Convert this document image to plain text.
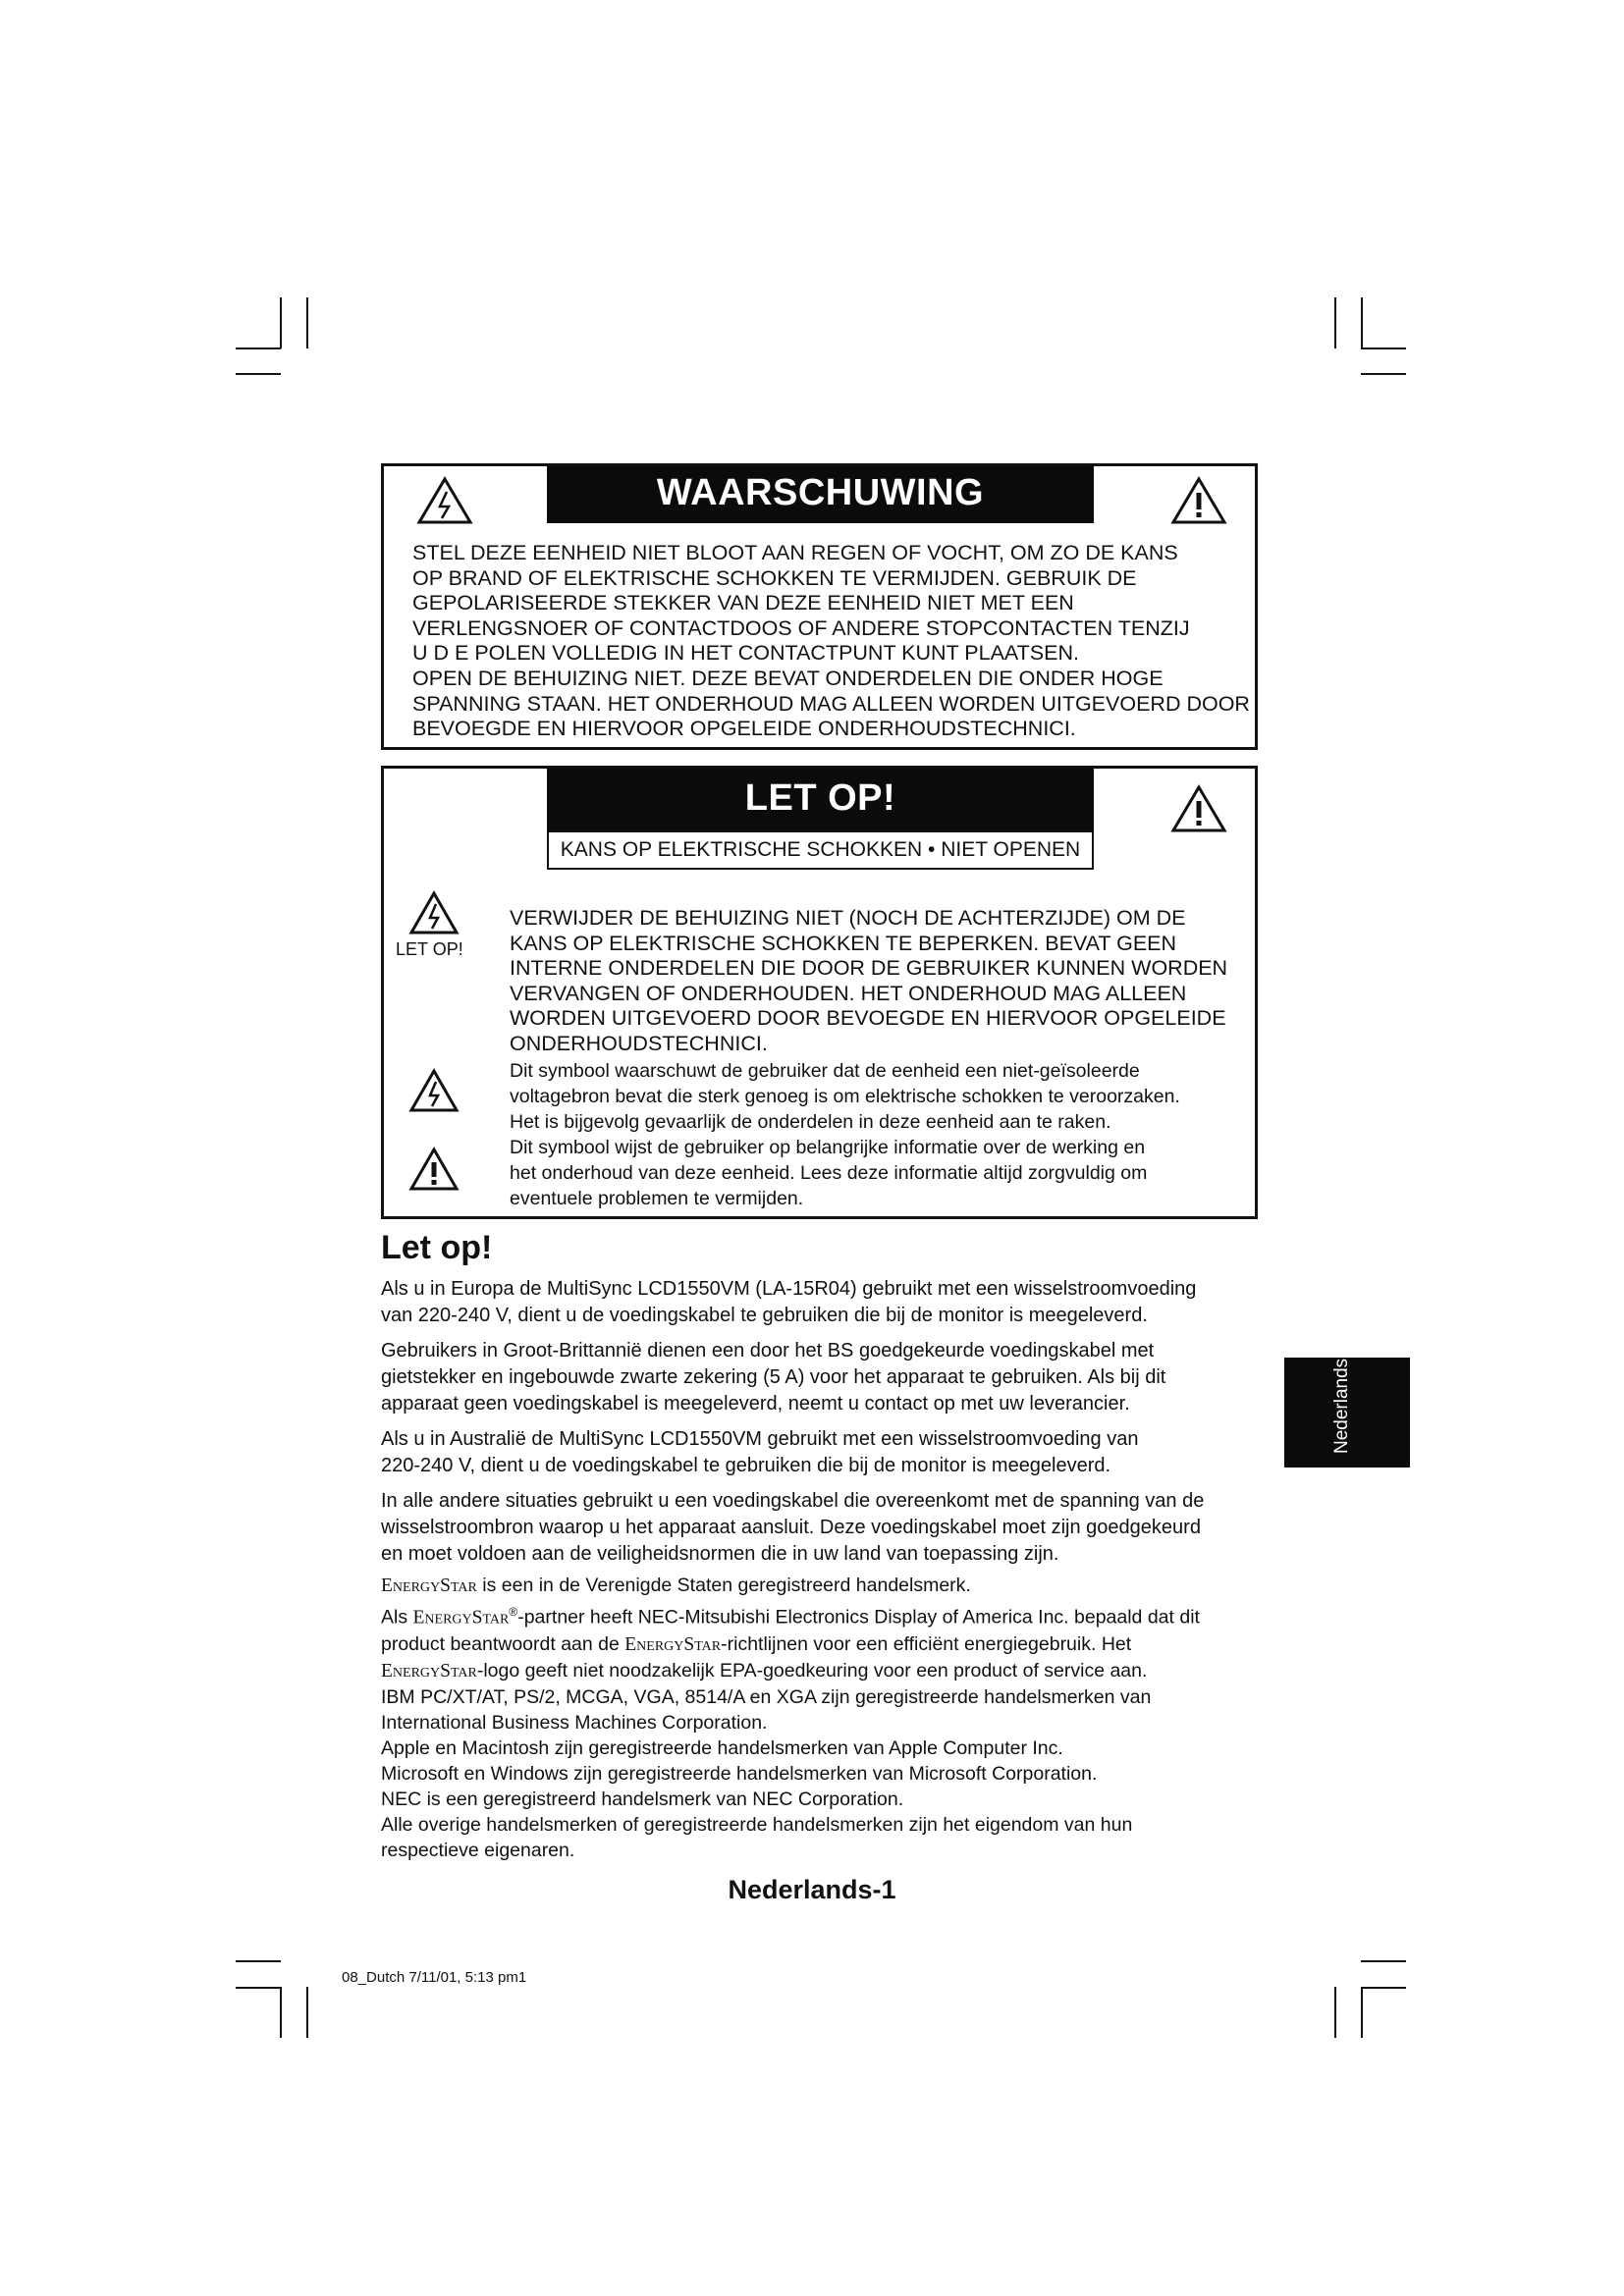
WAARSCHUWING

STEL DEZE EENHEID NIET BLOOT AAN REGEN OF VOCHT, OM ZO DE KANS

OP BRAND OF ELEKTRISCHE SCHOKKEN TE VERMIJDEN. GEBRUIK DE

GEPOLARISEERDE STEKKER VAN DEZE EENHEID NIET MET EEN

VERLENGSNOER OF CONTACTDOOS OF ANDERE STOPCONTACTEN TENZIJ

U D E POLEN VOLLEDIG IN HET CONTACTPUNT KUNT PLAATSEN.

OPEN DE BEHUIZING NIET. DEZE BEVAT ONDERDELEN DIE ONDER HOGE

SPANNING STAAN. HET ONDERHOUD MAG ALLEEN WORDEN UITGEVOERD DOOR

BEVOEGDE EN HIERVOOR OPGELEIDE ONDERHOUDSTECHNICI.

LET OP!
KANS OP ELEKTRISCHE SCHOKKEN • NIET OPENEN
LET OP!

VERWIJDER DE BEHUIZING NIET (NOCH DE ACHTERZIJDE) OM DE

KANS OP ELEKTRISCHE SCHOKKEN TE BEPERKEN. BEVAT GEEN

INTERNE ONDERDELEN DIE DOOR DE GEBRUIKER KUNNEN WORDEN

VERVANGEN OF ONDERHOUDEN. HET ONDERHOUD MAG ALLEEN

WORDEN UITGEVOERD DOOR BEVOEGDE EN HIERVOOR OPGELEIDE

ONDERHOUDSTECHNICI.

Dit symbool waarschuwt de gebruiker dat de eenheid een niet-geïsoleerde

voltagebron bevat die sterk genoeg is om elektrische schokken te veroorzaken.

Het is bijgevolg gevaarlijk de onderdelen in deze eenheid aan te raken.

Dit symbool wijst de gebruiker op belangrijke informatie over de werking en

het onderhoud van deze eenheid. Lees deze informatie altijd zorgvuldig om

eventuele problemen te vermijden.

Let op!

Als u in Europa de MultiSync LCD1550VM (LA-15R04) gebruikt met een wisselstroomvoeding

van 220-240 V, dient u de voedingskabel te gebruiken die bij de monitor is meegeleverd.

Gebruikers in Groot-Brittannië dienen een door het BS goedgekeurde voedingskabel met

gietstekker en ingebouwde zwarte zekering (5 A) voor het apparaat te gebruiken. Als bij dit

apparaat geen voedingskabel is meegeleverd, neemt u contact op met uw leverancier.

Als u in Australië de MultiSync LCD1550VM gebruikt met een wisselstroomvoeding van

220-240 V, dient u de voedingskabel te gebruiken die bij de monitor is meegeleverd.

In alle andere situaties gebruikt u een voedingskabel die overeenkomt met de spanning van de

wisselstroombron waarop u het apparaat aansluit. Deze voedingskabel moet zijn goedgekeurd

en moet voldoen aan de veiligheidsnormen die in uw land van toepassing zijn.

EnergyStar is een in de Verenigde Staten geregistreerd handelsmerk.

Als EnergyStar®-partner heeft NEC-Mitsubishi Electronics Display of America Inc. bepaald dat dit

product beantwoordt aan de EnergyStar-richtlijnen voor een efficiënt energiegebruik. Het

EnergyStar-logo geeft niet noodzakelijk EPA-goedkeuring voor een product of service aan.

IBM PC/XT/AT, PS/2, MCGA, VGA, 8514/A en XGA zijn geregistreerde handelsmerken van

International Business Machines Corporation.

Apple en Macintosh zijn geregistreerde handelsmerken van Apple Computer Inc.

Microsoft en Windows zijn geregistreerde handelsmerken van Microsoft Corporation.

NEC is een geregistreerd handelsmerk van NEC Corporation.

Alle overige handelsmerken of geregistreerde handelsmerken zijn het eigendom van hun

respectieve eigenaren.

Nederlands
Nederlands-1
08_Dutch 7/11/01, 5:13 pm1
